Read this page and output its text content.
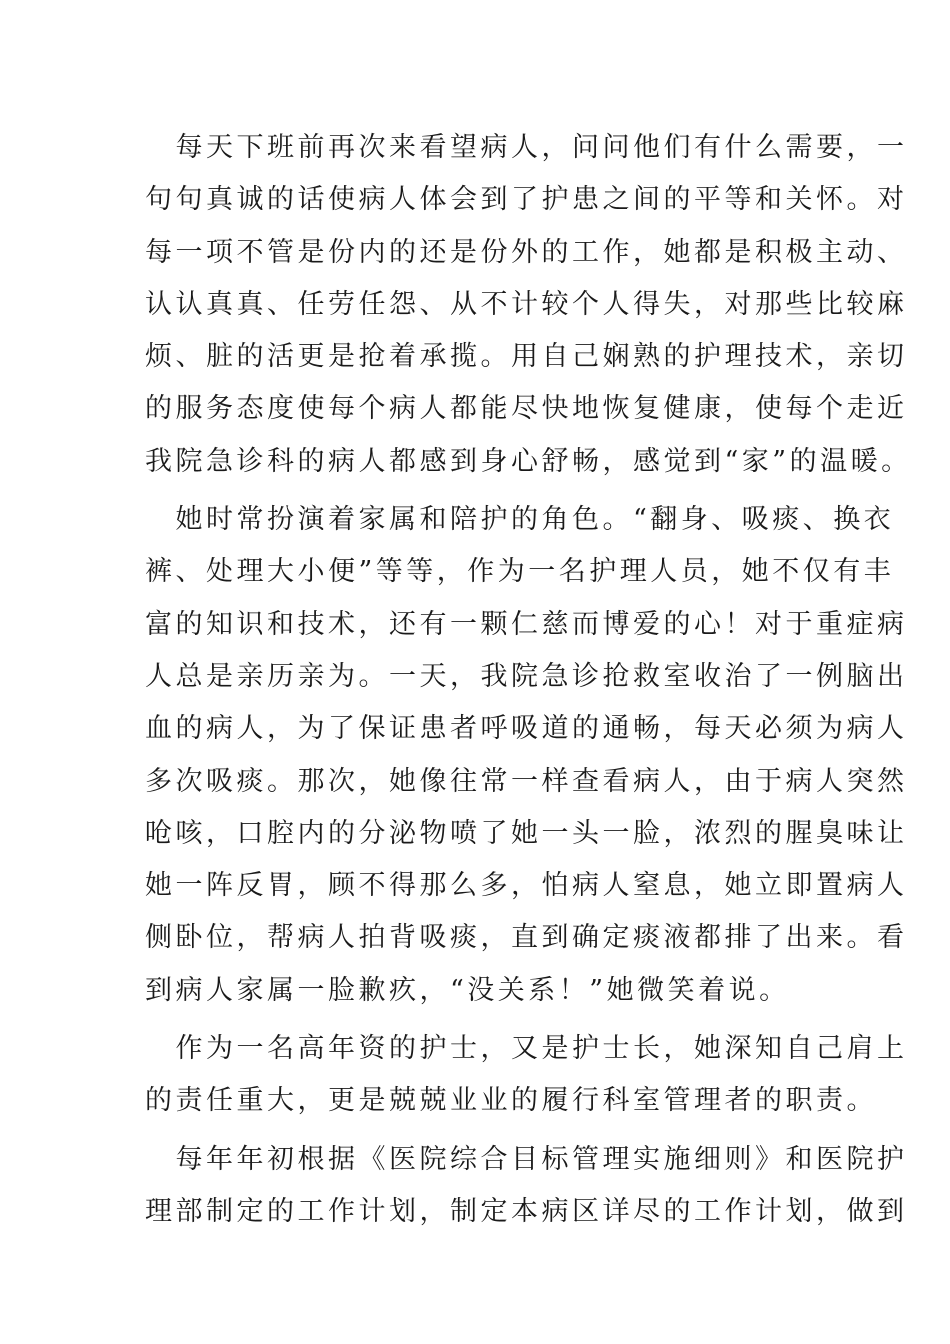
　每天下班前再次来看望病人，问问他们有什么需要，一
句句真诚的话使病人体会到了护患之间的平等和关怀。对
每一项不管是份内的还是份外的工作，她都是积极主动、
认认真真、任劳任怨、从不计较个人得失，对那些比较麻
烦、脏的活更是抢着承揽。用自己娴熟的护理技术，亲切
的服务态度使每个病人都能尽快地恢复健康，使每个走近
我院急诊科的病人都感到身心舒畅，感觉到“家”的温暖。
　她时常扮演着家属和陪护的角色。“翻身、吸痰、换衣
裤、处理大小便”等等，作为一名护理人员，她不仅有丰
富的知识和技术，还有一颗仁慈而博爱的心！对于重症病
人总是亲历亲为。一天，我院急诊抢救室收治了一例脑出
血的病人，为了保证患者呼吸道的通畅，每天必须为病人
多次吸痰。那次，她像往常一样查看病人，由于病人突然
呛咳，口腔内的分泌物喷了她一头一脸，浓烈的腥臭味让
她一阵反胃，顾不得那么多，怕病人窒息，她立即置病人
侧卧位，帮病人拍背吸痰，直到确定痰液都排了出来。看
到病人家属一脸歉疚，“没关系！”她微笑着说。
　作为一名高年资的护士，又是护士长，她深知自己肩上
的责任重大，更是兢兢业业的履行科室管理者的职责。
　每年年初根据《医院综合目标管理实施细则》和医院护
理部制定的工作计划，制定本病区详尽的工作计划，做到
